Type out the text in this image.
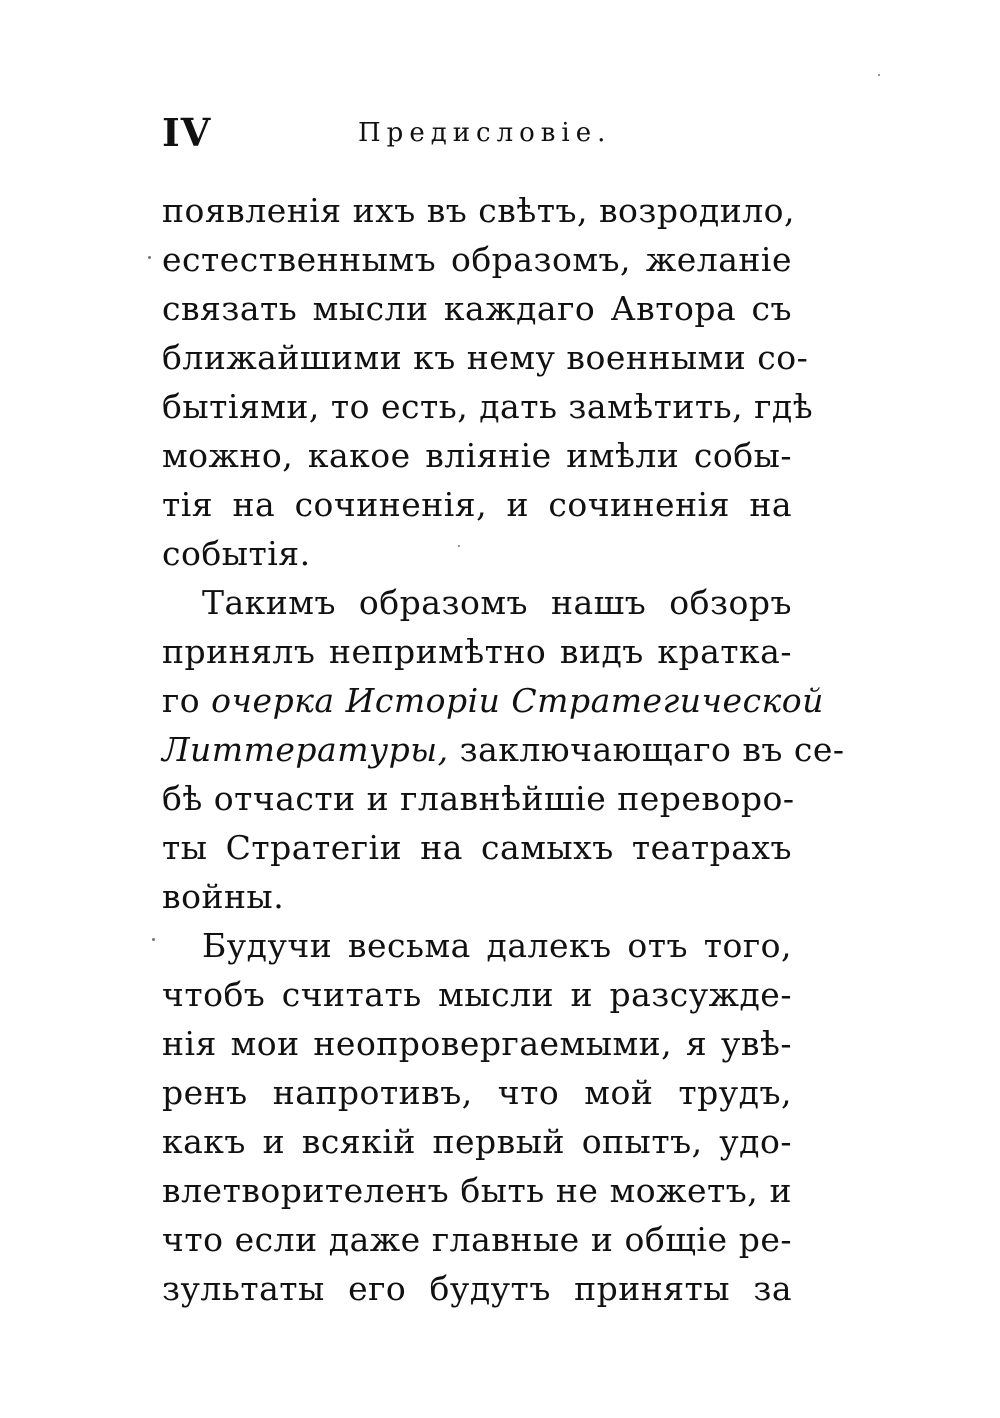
IV	Предисловіе.
появленія ихъ въ свѣтъ, возродило,
естественнымъ образомъ, желаніе
связать мысли каждаго Автора съ
ближайшими къ нему военными со-
бытіями, то есть, дать замѣтить, гдѣ
можно, какое вліяніе имѣли собы-
тія на сочиненія, и сочиненія на
событія.
Такимъ образомъ нашъ обзоръ
принялъ непримѣтно видъ кратка-
го очерка Исторіи Стратегической
Литтературы, заключающаго въ се-
бѣ отчасти и главнѣйшіе переворо-
ты Стратегіи на самыхъ театрахъ
войны.
Будучи весьма далекъ отъ того,
чтобъ считать мысли и разсужде-
нія мои неопровергаемыми, я увѣ-
ренъ напротивъ, что мой трудъ,
какъ и всякій первый опытъ, удо-
влетворителенъ быть не можетъ, и
что если даже главные и общіе ре-
зультаты его будутъ приняты за
